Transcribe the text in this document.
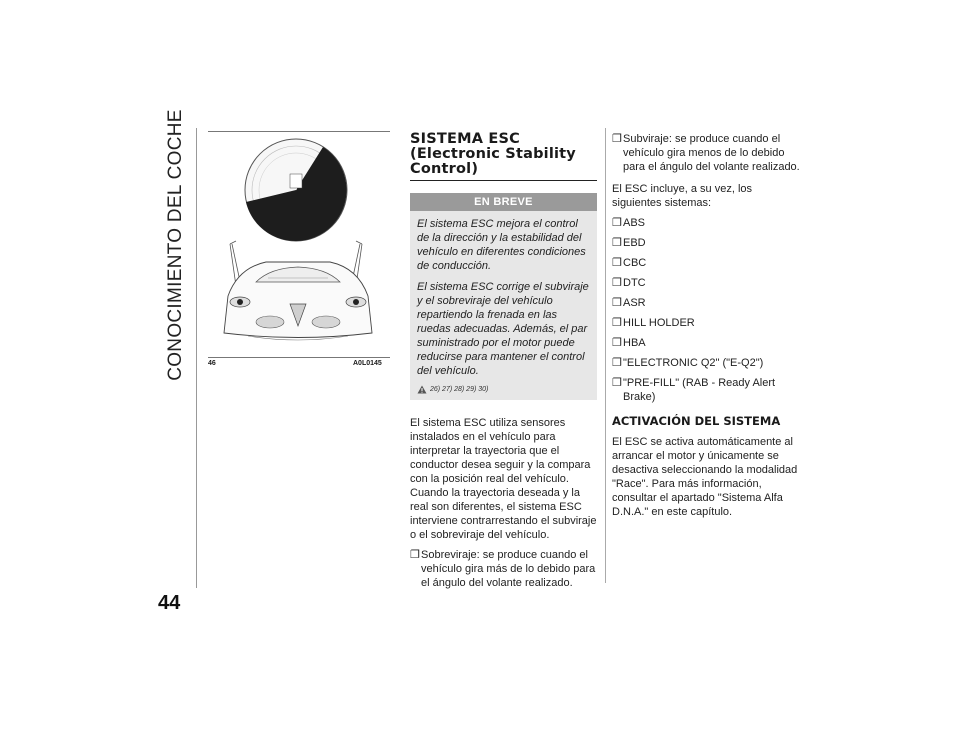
CONOCIMIENTO DEL COCHE
44
46	A0L0145
SISTEMA ESC (Electronic Stability Control)
EN BREVE

El sistema ESC mejora el control de la dirección y la estabilidad del vehículo en diferentes condiciones de conducción.

El sistema ESC corrige el subviraje y el sobreviraje del vehículo repartiendo la frenada en las ruedas adecuadas. Además, el par suministrado por el motor puede reducirse para mantener el control del vehículo.

26) 27) 28) 29) 30)

El sistema ESC utiliza sensores instalados en el vehículo para interpretar la trayectoria que el conductor desea seguir y la compara con la posición real del vehículo. Cuando la trayectoria deseada y la real son diferentes, el sistema ESC interviene contrarrestando el subviraje o el sobreviraje del vehículo.

❐ Sobreviraje: se produce cuando el vehículo gira más de lo debido para el ángulo del volante realizado.
❐ Subviraje: se produce cuando el vehículo gira menos de lo debido para el ángulo del volante realizado.

El ESC incluye, a su vez, los siguientes sistemas:

❐ ABS
❐ EBD
❐ CBC
❐ DTC
❐ ASR
❐ HILL HOLDER
❐ HBA
❐ "ELECTRONIC Q2" ("E-Q2")
❐ "PRE-FILL" (RAB - Ready Alert Brake)
ACTIVACIÓN DEL SISTEMA

El ESC se activa automáticamente al arrancar el motor y únicamente se desactiva seleccionando la modalidad "Race". Para más información, consultar el apartado "Sistema Alfa D.N.A." en este capítulo.
